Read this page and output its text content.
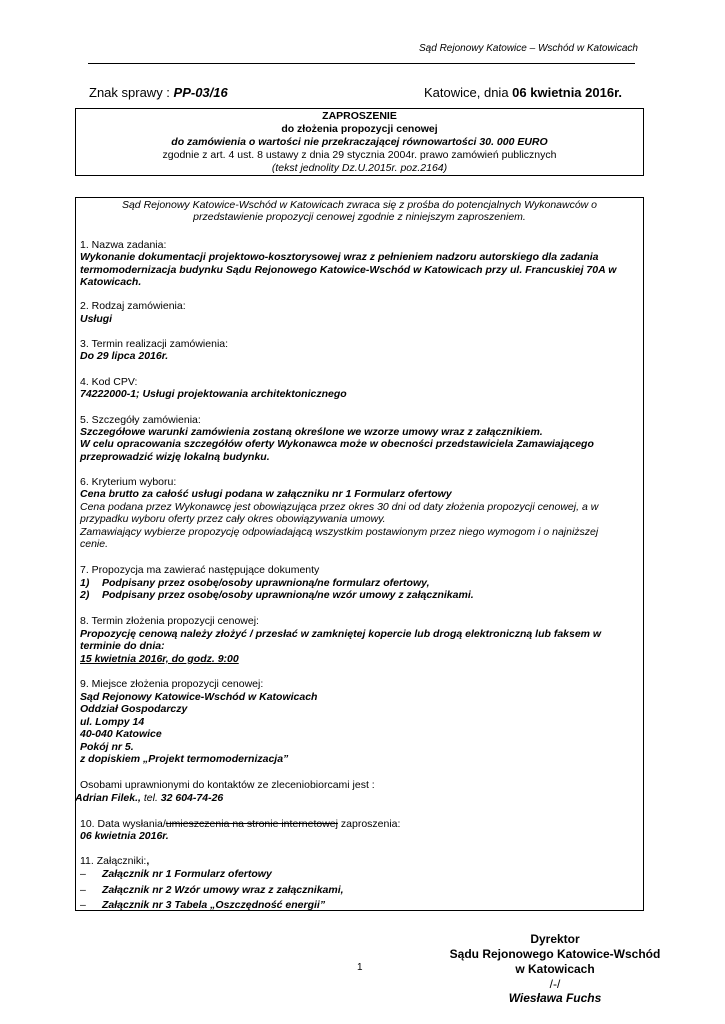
Sąd Rejonowy Katowice – Wschód w Katowicach
Znak sprawy : PP-03/16	Katowice, dnia 06 kwietnia 2016r.
ZAPROSZENIE
do złożenia propozycji cenowej
do zamówienia o wartości nie przekraczającej równowartości 30. 000 EURO
zgodnie z art. 4 ust. 8 ustawy z dnia 29 stycznia 2004r. prawo zamówień publicznych
(tekst jednolity Dz.U.2015r. poz.2164)
Sąd Rejonowy Katowice-Wschód w Katowicach zwraca się z prośba do potencjalnych Wykonawców o
przedstawienie propozycji cenowej zgodnie z niniejszym zaproszeniem.
1. Nazwa zadania:
Wykonanie dokumentacji projektowo-kosztorysowej wraz z pełnieniem nadzoru autorskiego dla zadania
termomodernizacja budynku Sądu Rejonowego Katowice-Wschód w Katowicach przy ul. Francuskiej 70A w
Katowicach.
2. Rodzaj zamówienia:
Usługi
3. Termin realizacji zamówienia:
Do 29 lipca 2016r.
4. Kod CPV:
74222000-1; Usługi projektowania architektonicznego
5. Szczegóły zamówienia:
Szczegółowe warunki zamówienia zostaną określone we wzorze umowy wraz z załącznikiem.
W celu opracowania szczegółów oferty Wykonawca może w obecności przedstawiciela Zamawiającego
przeprowadzić wizję lokalną budynku.
6. Kryterium wyboru:
Cena brutto za całość usługi podana w załączniku nr 1 Formularz ofertowy
Cena podana przez Wykonawcę jest obowiązująca przez okres 30 dni od daty złożenia propozycji cenowej, a w
przypadku wyboru oferty przez cały okres obowiązywania umowy.
Zamawiający wybierze propozycję odpowiadającą wszystkim postawionym przez niego wymogom i o najniższej
cenie.
7. Propozycja ma zawierać następujące dokumenty
1) Podpisany przez osobę/osoby uprawnioną/ne formularz ofertowy,
2) Podpisany przez osobę/osoby uprawnioną/ne wzór umowy z załącznikami.
8. Termin złożenia propozycji cenowej:
Propozycję cenową należy złożyć / przesłać w zamkniętej kopercie lub drogą elektroniczną lub faksem w
terminie do dnia:
15 kwietnia 2016r, do godz. 9:00
9. Miejsce złożenia propozycji cenowej:
Sąd Rejonowy Katowice-Wschód w Katowicach
Oddział Gospodarczy
ul. Lompy 14
40-040 Katowice
Pokój nr 5.
z dopiskiem „Projekt termomodernizacja”
Osobami uprawnionymi do kontaktów ze zleceniobiorcami jest :
Adrian Filek., tel. 32 604-74-26
10. Data wysłania/umieszczenia na stronie internetowej zaproszenia:
06 kwietnia 2016r.
11. Załączniki:,
– Załącznik nr 1 Formularz ofertowy
– Załącznik nr 2 Wzór umowy wraz z załącznikami,
– Załącznik nr 3 Tabela „Oszczędność energii”
Dyrektor
Sądu Rejonowego Katowice-Wschód
w Katowicach
/-/
Wiesława Fuchs
1
